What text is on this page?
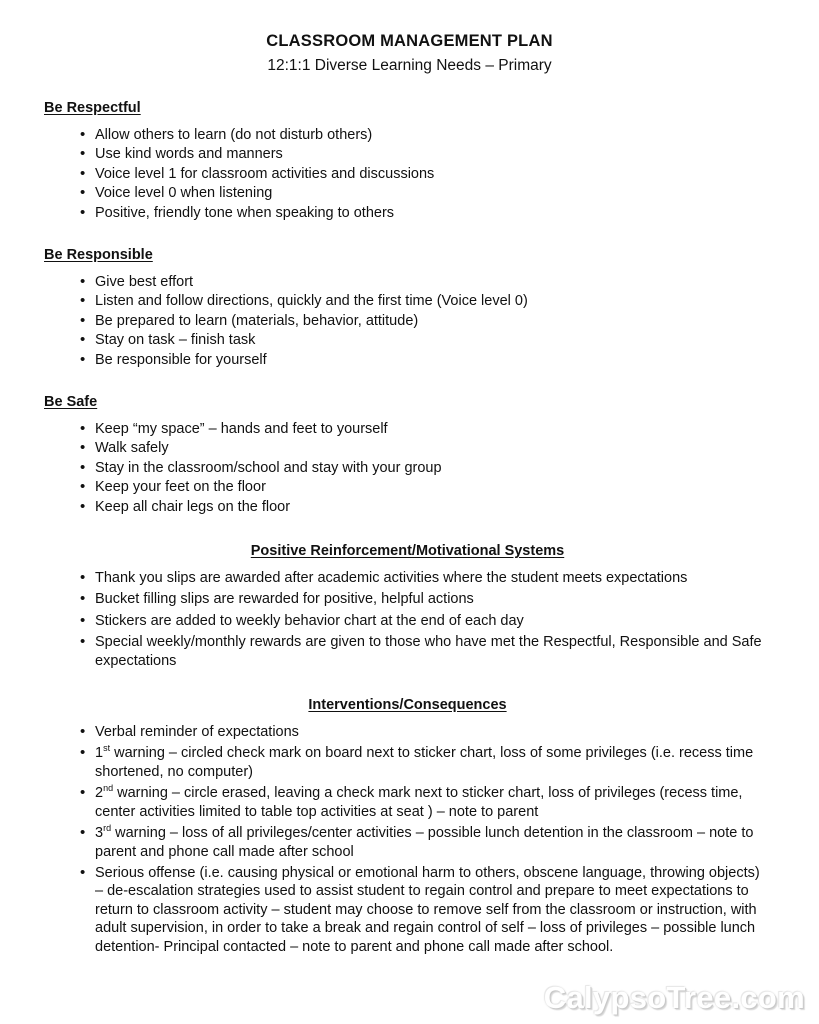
CLASSROOM MANAGEMENT PLAN
12:1:1 Diverse Learning Needs – Primary
Be Respectful
• Allow others to learn (do not disturb others)
• Use kind words and manners
• Voice level 1 for classroom activities and discussions
• Voice level 0 when listening
• Positive, friendly tone when speaking to others
Be Responsible
• Give best effort
• Listen and follow directions, quickly and the first time (Voice level 0)
• Be prepared to learn (materials, behavior, attitude)
• Stay on task – finish task
• Be responsible for yourself
Be Safe
• Keep “my space” – hands and feet to yourself
• Walk safely
• Stay in the classroom/school and stay with your group
• Keep your feet on the floor
• Keep all chair legs on the floor
Positive Reinforcement/Motivational Systems
• Thank you slips are awarded after academic activities where the student meets expectations
• Bucket filling slips are rewarded for positive, helpful actions
• Stickers are added to weekly behavior chart at the end of each day
• Special weekly/monthly rewards are given to those who have met the Respectful, Responsible and Safe expectations
Interventions/Consequences
• Verbal reminder of expectations
• 1st warning – circled check mark on board next to sticker chart, loss of some privileges (i.e. recess time shortened, no computer)
• 2nd warning – circle erased, leaving a check mark next to sticker chart, loss of privileges (recess time, center activities limited to table top activities at seat ) – note to parent
• 3rd warning – loss of all privileges/center activities – possible lunch detention in the classroom – note to parent and phone call made after school
• Serious offense (i.e. causing physical or emotional harm to others, obscene language, throwing objects) – de-escalation strategies used to assist student to regain control and prepare to meet expectations to return to classroom activity – student may choose to remove self from the classroom or instruction, with adult supervision, in order to take a break and regain control of self – loss of privileges – possible lunch detention- Principal contacted – note to parent and phone call made after school.
CalypsoTree.com
